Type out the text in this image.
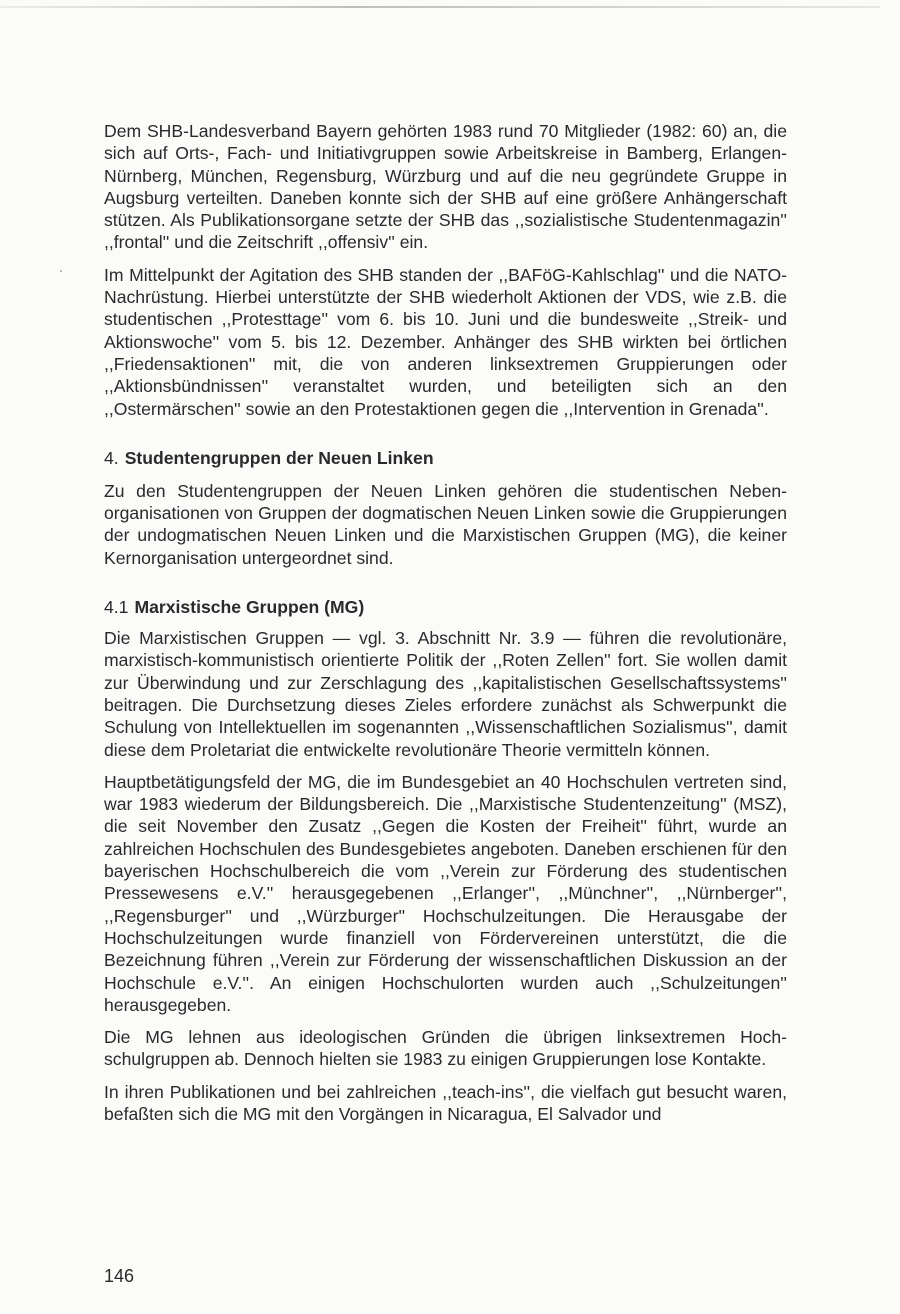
Dem SHB-Landesverband Bayern gehörten 1983 rund 70 Mitglieder (1982: 60) an, die sich auf Orts-, Fach- und Initiativgruppen sowie Arbeitskreise in Bamberg, Erlangen-Nürnberg, München, Regensburg, Würzburg und auf die neu gegründete Gruppe in Augsburg verteilten. Daneben konnte sich der SHB auf eine größere Anhängerschaft stützen. Als Publikationsorgane setzte der SHB das ,,sozialistische Studentenmagazin'' ,,frontal'' und die Zeitschrift ,,offensiv'' ein.

Im Mittelpunkt der Agitation des SHB standen der ,,BAFöG-Kahlschlag'' und die NATO-Nachrüstung. Hierbei unterstützte der SHB wiederholt Aktionen der VDS, wie z.B. die studentischen ,,Protesttage'' vom 6. bis 10. Juni und die bundesweite ,,Streik- und Aktionswoche'' vom 5. bis 12. Dezember. Anhänger des SHB wirkten bei örtlichen ,,Friedensaktionen'' mit, die von anderen linksextremen Gruppierungen oder ,,Aktionsbündnissen'' veranstaltet wurden, und beteiligten sich an den ,,Ostermärschen'' sowie an den Protestaktionen gegen die ,,Intervention in Grenada''.

4. Studentengruppen der Neuen Linken

Zu den Studentengruppen der Neuen Linken gehören die studentischen Nebenorganisationen von Gruppen der dogmatischen Neuen Linken sowie die Gruppierungen der undogmatischen Neuen Linken und die Marxistischen Gruppen (MG), die keiner Kernorganisation untergeordnet sind.

4.1 Marxistische Gruppen (MG)

Die Marxistischen Gruppen — vgl. 3. Abschnitt Nr. 3.9 — führen die revolutionäre, marxistisch-kommunistisch orientierte Politik der ,,Roten Zellen'' fort. Sie wollen damit zur Überwindung und zur Zerschlagung des ,,kapitalistischen Gesellschaftssystems'' beitragen. Die Durchsetzung dieses Zieles erfordere zunächst als Schwerpunkt die Schulung von Intellektuellen im sogenannten ,,Wissenschaftlichen Sozialismus'', damit diese dem Proletariat die entwickelte revolutionäre Theorie vermitteln können.

Hauptbetätigungsfeld der MG, die im Bundesgebiet an 40 Hochschulen vertreten sind, war 1983 wiederum der Bildungsbereich. Die ,,Marxistische Studentenzeitung'' (MSZ), die seit November den Zusatz ,,Gegen die Kosten der Freiheit'' führt, wurde an zahlreichen Hochschulen des Bundesgebietes angeboten. Daneben erschienen für den bayerischen Hochschulbereich die vom ,,Verein zur Förderung des studentischen Pressewesens e.V.'' herausgegebenen ,,Erlanger'', ,,Münchner'', ,,Nürnberger'', ,,Regensburger'' und ,,Würzburger'' Hochschulzeitungen. Die Herausgabe der Hochschulzeitungen wurde finanziell von Fördervereinen unterstützt, die die Bezeichnung führen ,,Verein zur Förderung der wissenschaftlichen Diskussion an der Hochschule e.V.''. An einigen Hochschulorten wurden auch ,,Schulzeitungen'' herausgegeben.

Die MG lehnen aus ideologischen Gründen die übrigen linksextremen Hochschulgruppen ab. Dennoch hielten sie 1983 zu einigen Gruppierungen lose Kontakte.

In ihren Publikationen und bei zahlreichen ,,teach-ins'', die vielfach gut besucht waren, befaßten sich die MG mit den Vorgängen in Nicaragua, El Salvador und

146
